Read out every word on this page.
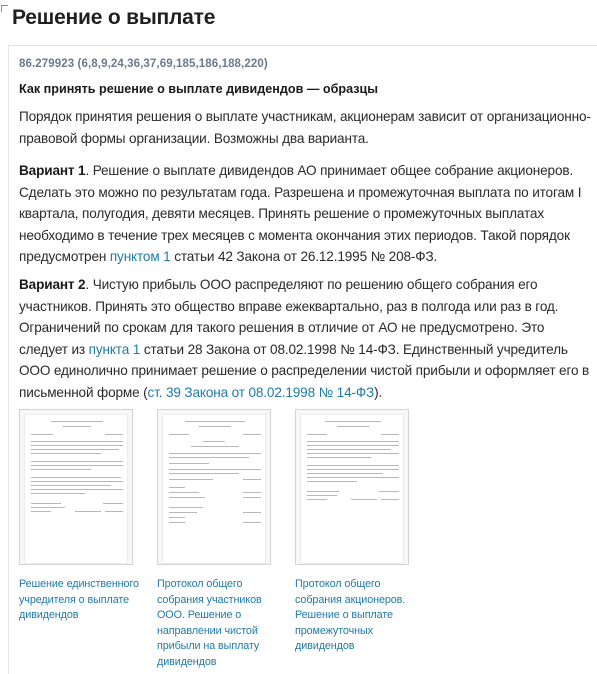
Решение о выплате
86.279923 (6,8,9,24,36,37,69,185,186,188,220)
Как принять решение о выплате дивидендов — образцы

Порядок принятия решения о выплате участникам, акционерам зависит от организационно-правовой формы организации. Возможны два варианта.

Вариант 1. Решение о выплате дивидендов АО принимает общее собрание акционеров. Сделать это можно по результатам года. Разрешена и промежуточная выплата по итогам I квартала, полугодия, девяти месяцев. Принять решение о промежуточных выплатах необходимо в течение трех месяцев с момента окончания этих периодов. Такой порядок предусмотрен пунктом 1 статьи 42 Закона от 26.12.1995 № 208-ФЗ.

Вариант 2. Чистую прибыль ООО распределяют по решению общего собрания его участников. Принять это общество вправе ежеквартально, раз в полгода или раз в год. Ограничений по срокам для такого решения в отличие от АО не предусмотрено. Это следует из пункта 1 статьи 28 Закона от 08.02.1998 № 14-ФЗ. Единственный учредитель ООО единолично принимает решение о распределении чистой прибыли и оформляет его в письменной форме (ст. 39 Закона от 08.02.1998 № 14-ФЗ).

Решение единственного учредителя о выплате дивидендов
Протокол общего собрания участников ООО. Решение о направлении чистой прибыли на выплату дивидендов
Протокол общего собрания акционеров. Решение о выплате промежуточных дивидендов
